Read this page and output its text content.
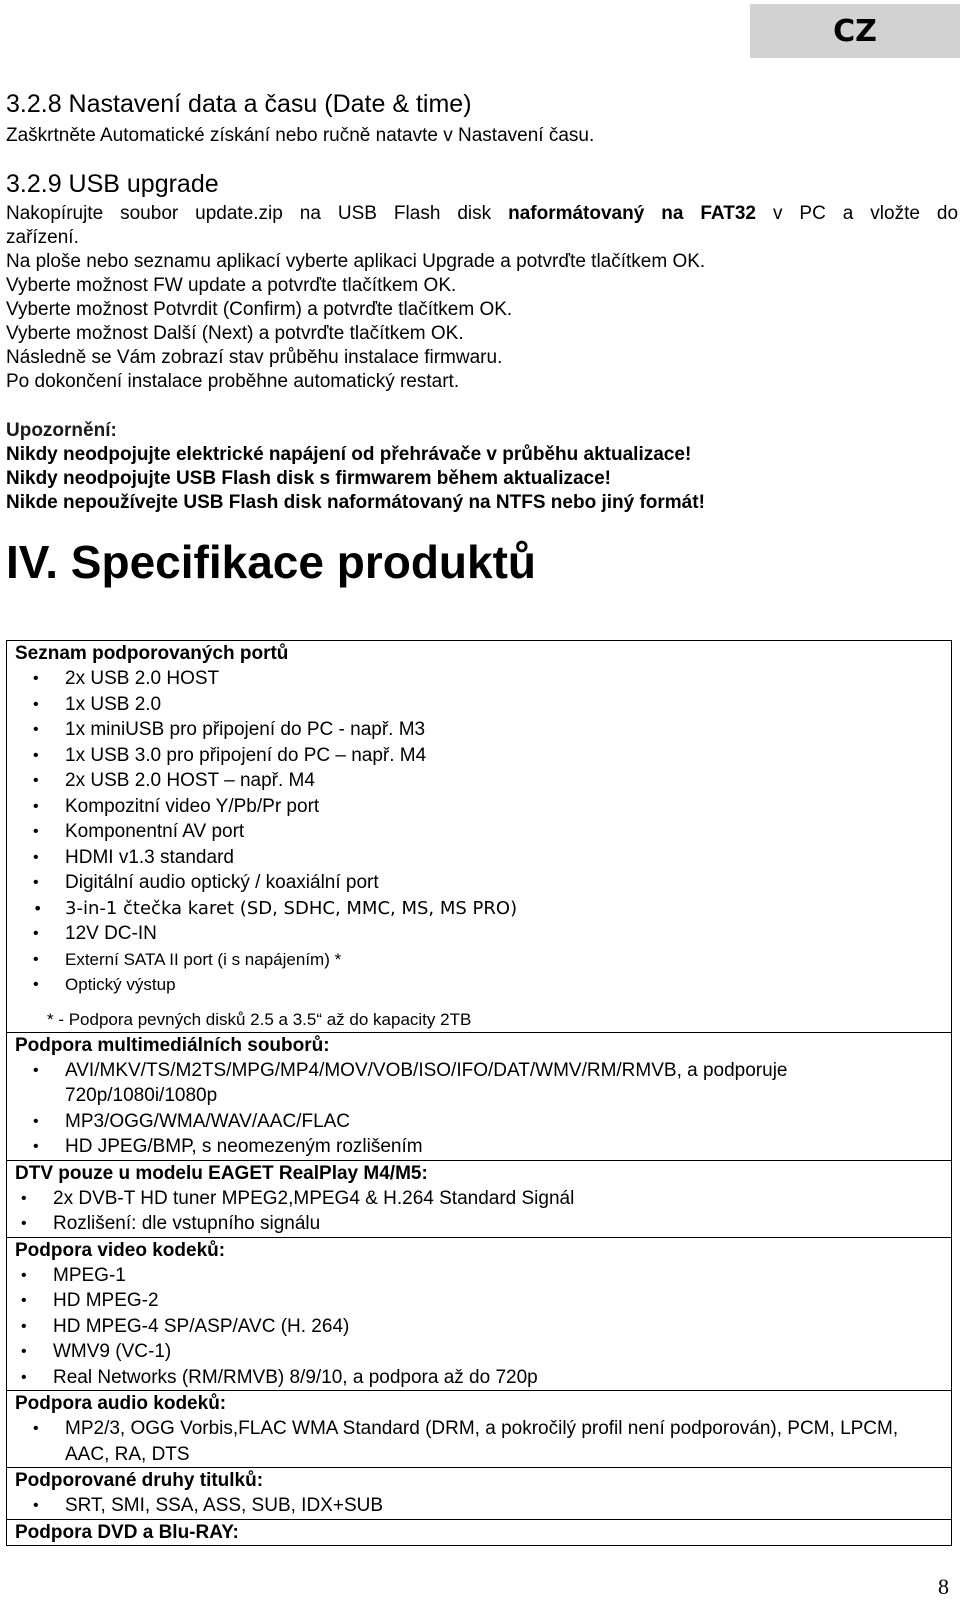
CZ
3.2.8 Nastavení data a času (Date & time)

Zaškrtněte Automatické získání nebo ručně natavte v Nastavení času.

3.2.9 USB upgrade

Nakopírujte soubor update.zip na USB Flash disk naformátovaný na FAT32 v PC a vložte do

zařízení.

Na ploše nebo seznamu aplikací vyberte aplikaci Upgrade a potvrďte tlačítkem OK.

Vyberte možnost FW update a potvrďte tlačítkem OK.

Vyberte možnost Potvrdit (Confirm) a potvrďte tlačítkem OK.

Vyberte možnost Další (Next) a potvrďte tlačítkem OK.

Následně se Vám zobrazí stav průběhu instalace firmwaru.

Po dokončení instalace proběhne automatický restart.

Upozornění:
Nikdy neodpojujte elektrické napájení od přehrávače v průběhu aktualizace!
Nikdy neodpojujte USB Flash disk s firmwarem během aktualizace!
Nikde nepoužívejte USB Flash disk naformátovaný na NTFS nebo jiný formát!
IV. Specifikace produktů
Seznam podporovaných portů
• 2x USB 2.0 HOST
• 1x USB 2.0
• 1x miniUSB pro připojení do PC - např. M3
• 1x USB 3.0 pro připojení do PC – např. M4
• 2x USB 2.0 HOST – např. M4
• Kompozitní video Y/Pb/Pr port
• Komponentní AV port
• HDMI v1.3 standard
• Digitální audio optický / koaxiální port
• 3-in-1 čtečka karet (SD, SDHC, MMC, MS, MS PRO)
• 12V DC-IN
• Externí SATA II port (i s napájením) *
• Optický výstup
* - Podpora pevných disků 2.5 a 3.5“ až do kapacity 2TB
Podpora multimediálních souborů:
• AVI/MKV/TS/M2TS/MPG/MP4/MOV/VOB/ISO/IFO/DAT/WMV/RM/RMVB, a podporuje 720p/1080i/1080p
• MP3/OGG/WMA/WAV/AAC/FLAC
• HD JPEG/BMP, s neomezeným rozlišením
DTV pouze u modelu EAGET RealPlay M4/M5:
• 2x DVB-T HD tuner MPEG2,MPEG4 & H.264 Standard Signál
• Rozlišení: dle vstupního signálu
Podpora video kodeků:
• MPEG-1
• HD MPEG-2
• HD MPEG-4 SP/ASP/AVC (H. 264)
• WMV9 (VC-1)
• Real Networks (RM/RMVB) 8/9/10, a podpora až do 720p
Podpora audio kodeků:
• MP2/3, OGG Vorbis,FLAC WMA Standard (DRM, a pokročilý profil není podporován), PCM, LPCM, AAC, RA, DTS
Podporované druhy titulků:
• SRT, SMI, SSA, ASS, SUB, IDX+SUB
Podpora DVD a Blu-RAY:
8
